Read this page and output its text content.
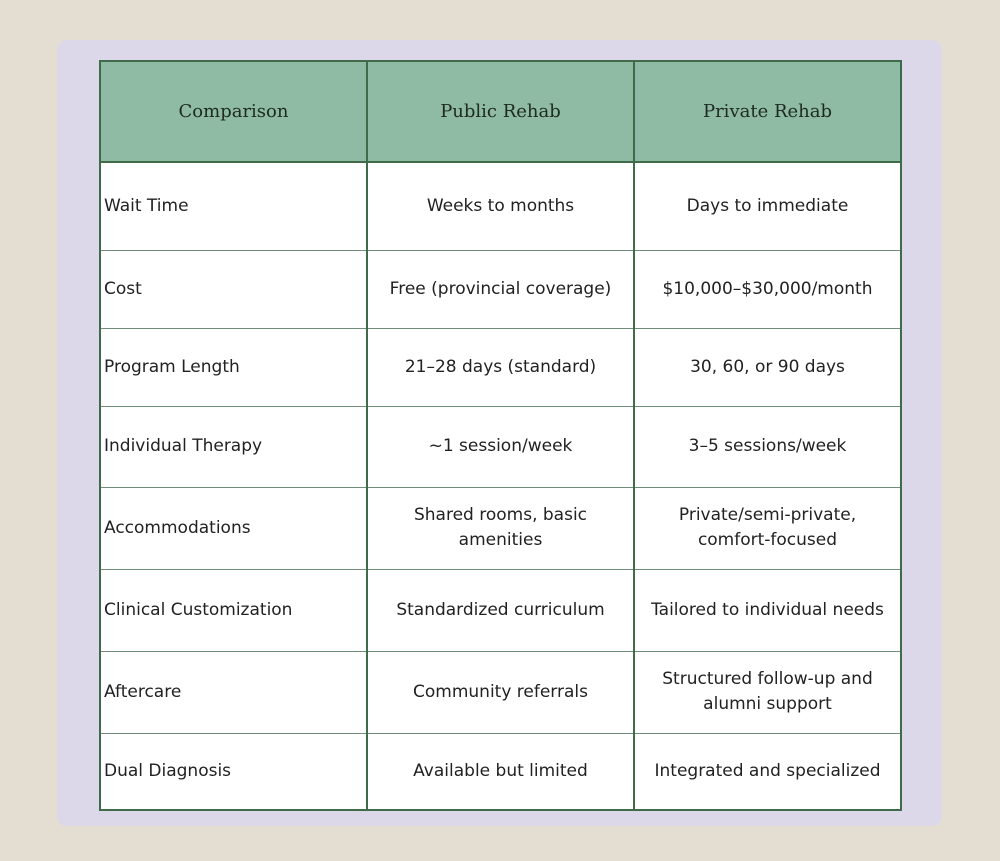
Comparison	Public Rehab	Private Rehab
Wait Time	Weeks to months	Days to immediate
Cost	Free (provincial coverage)	$10,000–$30,000/month
Program Length	21–28 days (standard)	30, 60, or 90 days
Individual Therapy	~1 session/week	3–5 sessions/week
Accommodations	Shared rooms, basic amenities	Private/semi-private, comfort-focused
Clinical Customization	Standardized curriculum	Tailored to individual needs
Aftercare	Community referrals	Structured follow-up and alumni support
Dual Diagnosis	Available but limited	Integrated and specialized
